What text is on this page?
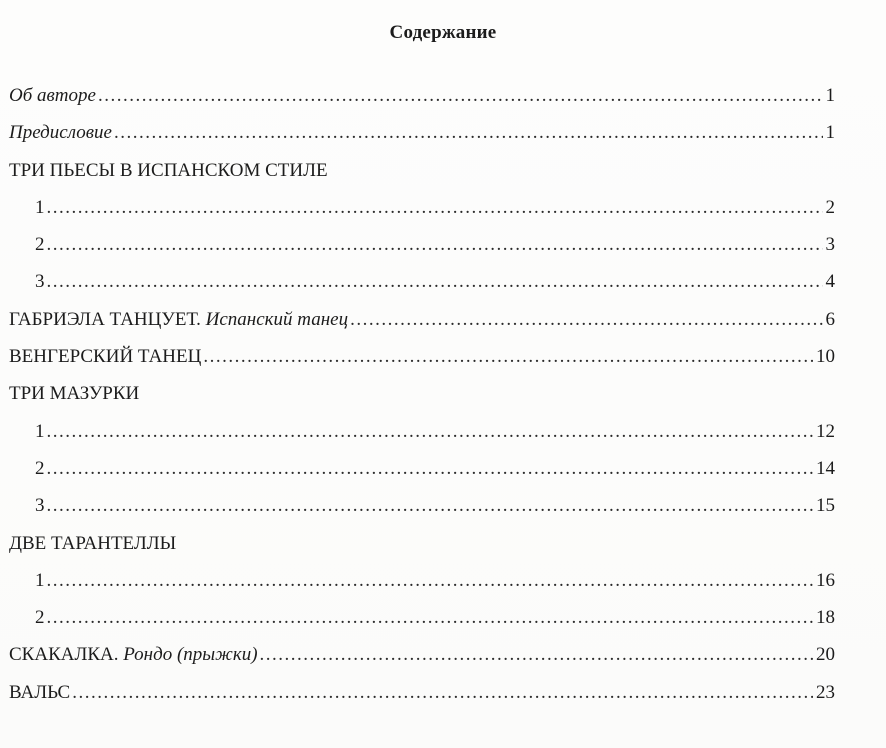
Содержание
Об авторе .....	1
Предисловие .....	1
ТРИ ПЬЕСЫ В ИСПАНСКОМ СТИЛЕ
1 .....	2
2 .....	3
3 .....	4
ГАБРИЭЛА ТАНЦУЕТ. Испанский танец .....	6
ВЕНГЕРСКИЙ ТАНЕЦ .....	10
ТРИ МАЗУРКИ
1 .....	12
2 .....	14
3 .....	15
ДВЕ ТАРАНТЕЛЛЫ
1 .....	16
2 .....	18
СКАКАЛКА. Рондо (прыжки) .....	20
ВАЛЬС .....	23
